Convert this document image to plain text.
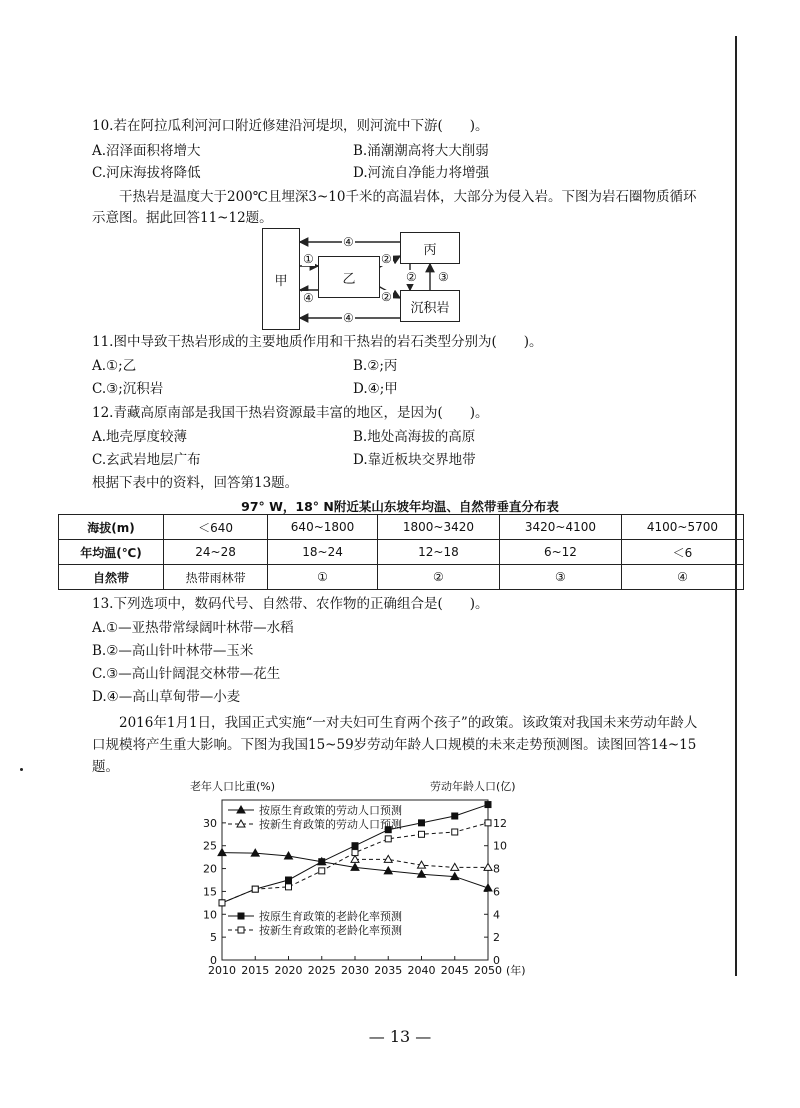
10.若在阿拉瓜利河河口附近修建沿河堤坝，则河流中下游(　　)。
A.沼泽面积将增大	B.涌潮潮高将大大削弱
C.河床海拔将降低	D.河流自净能力将增强
干热岩是温度大于200℃且埋深3~10千米的高温岩体，大部分为侵入岩。下图为岩石圈物质循环示意图。据此回答11~12题。
甲	乙
丙
沉积岩
④
①
④
④
②
②
② ③
11.图中导致干热岩形成的主要地质作用和干热岩的岩石类型分别为(　　)。
A.①;乙	B.②;丙
C.③;沉积岩	D.④;甲
12.青藏高原南部是我国干热岩资源最丰富的地区，是因为(　　)。
A.地壳厚度较薄	B.地处高海拔的高原
C.玄武岩地层广布	D.靠近板块交界地带
根据下表中的资料，回答第13题。
97° W，18° N附近某山东坡年均温、自然带垂直分布表
海拔(m)	＜640	640~1800	1800~3420	3420~4100	4100~5700
年均温(℃)	24~28	18~24	12~18	6~12	＜6
自然带	热带雨林带	①	②	③	④
13.下列选项中，数码代号、自然带、农作物的正确组合是(　　)。
A.①—亚热带常绿阔叶林带—水稻
B.②—高山针叶林带—玉米
C.③—高山针阔混交林带—花生
D.④—高山草甸带—小麦
2016年1月1日，我国正式实施“一对夫妇可生育两个孩子”的政策。该政策对我国未来劳动年龄人口规模将产生重大影响。下图为我国15~59岁劳动年龄人口规模的未来走势预测图。读图回答14~15题。
老年人口比重(%)	劳动年龄人口(亿)
0
5
10
15
20
25
30
0
2
4
6
8
10
12
2010 2015 2020 2025 2030 2035 2040 2045 2050 (年)
按原生育政策的劳动人口预测
按新生育政策的劳动人口预测
按原生育政策的老龄化率预测
按新生育政策的老龄化率预测
— 13 —
